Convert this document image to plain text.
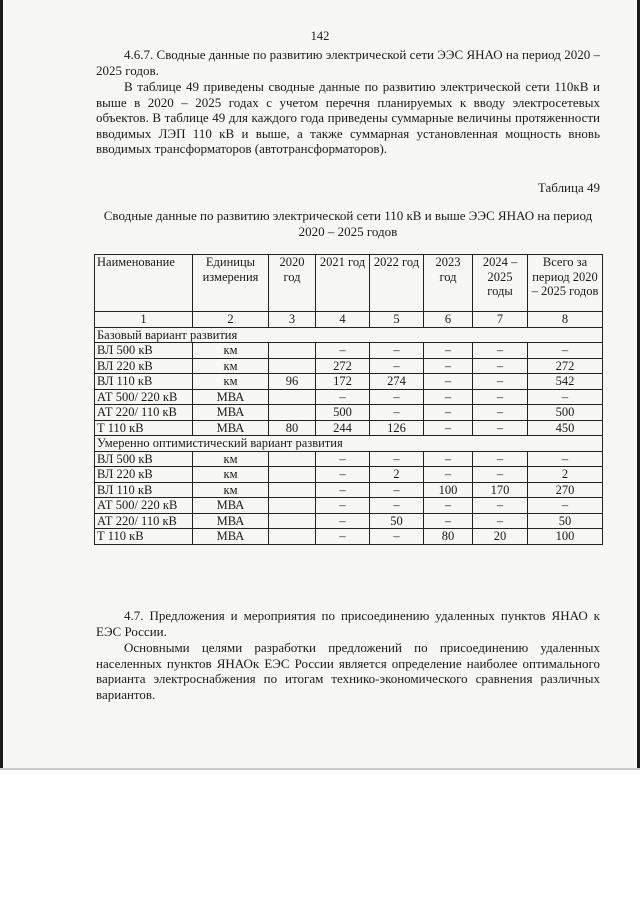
142

4.6.7. Сводные данные по развитию электрической сети ЭЭС ЯНАО на период 2020 – 2025 годов.

В таблице 49 приведены сводные данные по развитию электрической сети 110кВ и выше в 2020 – 2025 годах с учетом перечня планируемых к вводу электросетевых объектов. В таблице 49 для каждого года приведены суммарные величины протяженности вводимых ЛЭП 110 кВ и выше, а также суммарная установленная мощность вновь вводимых трансформаторов (автотрансформаторов).

Таблица 49
Сводные данные по развитию электрической сети 110 кВ и выше ЭЭС ЯНАО на период 2020 – 2025 годов
Наименование	Единицы измерения	2020 год	2021 год	2022 год	2023 год	2024 – 2025 годы	Всего за период 2020 – 2025 годов
1	2	3	4	5	6	7	8
Базовый вариант развития							
ВЛ 500 кВ	км		–	–	–	–	–
ВЛ 220 кВ	км		272	–	–	–	272
ВЛ 110 кВ	км	96	172	274	–	–	542
АТ 500/ 220 кВ	МВА		–	–	–	–	–
АТ 220/ 110 кВ	МВА		500	–	–	–	500
Т 110 кВ	МВА	80	244	126	–	–	450
Умеренно оптимистический вариант развития							
ВЛ 500 кВ	км		–	–	–	–	–
ВЛ 220 кВ	км		–	2	–	–	2
ВЛ 110 кВ	км		–	–	100	170	270
АТ 500/ 220 кВ	МВА		–	–	–	–	–
АТ 220/ 110 кВ	МВА		–	50	–	–	50
Т 110 кВ	МВА		–	–	80	20	100

4.7. Предложения и мероприятия по присоединению удаленных пунктов ЯНАО к ЕЭС России.

Основными целями разработки предложений по присоединению удаленных населенных пунктов ЯНАОк ЕЭС России является определение наиболее оптимального варианта электроснабжения по итогам технико-экономического сравнения различных вариантов.
